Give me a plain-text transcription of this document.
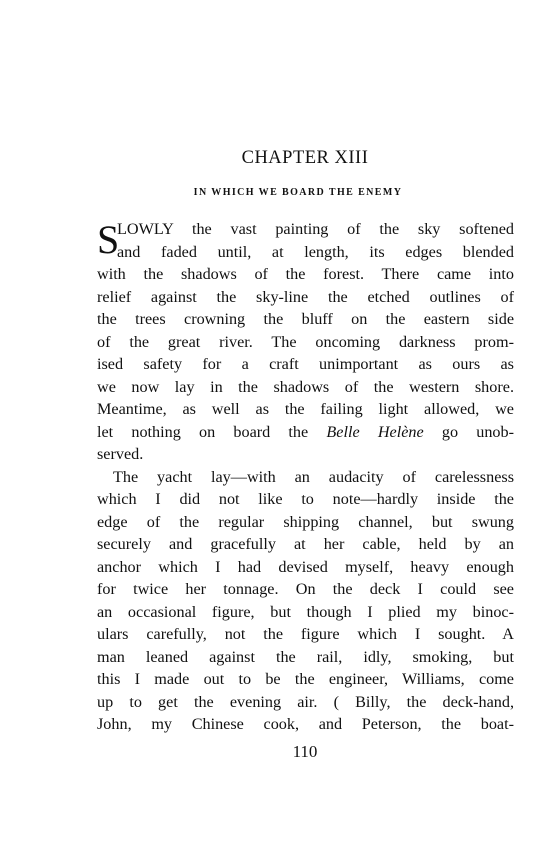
CHAPTER XIII
IN WHICH WE BOARD THE ENEMY
S
LOWLY the vast painting of the sky softened
and faded until, at length, its edges blended
with the shadows of the forest. There came into
relief against the sky-line the etched outlines of
the trees crowning the bluff on the eastern side
of the great river. The oncoming darkness prom-
ised safety for a craft unimportant as ours as
we now lay in the shadows of the western shore.
Meantime, as well as the failing light allowed, we
let nothing on board the Belle Helène go unob-
served.
The yacht lay—with an audacity of carelessness
which I did not like to note—hardly inside the
edge of the regular shipping channel, but swung
securely and gracefully at her cable, held by an
anchor which I had devised myself, heavy enough
for twice her tonnage. On the deck I could see
an occasional figure, but though I plied my binoc-
ulars carefully, not the figure which I sought. A
man leaned against the rail, idly, smoking, but
this I made out to be the engineer, Williams, come
up to get the evening air. ( Billy, the deck-hand,
John, my Chinese cook, and Peterson, the boat-
110
